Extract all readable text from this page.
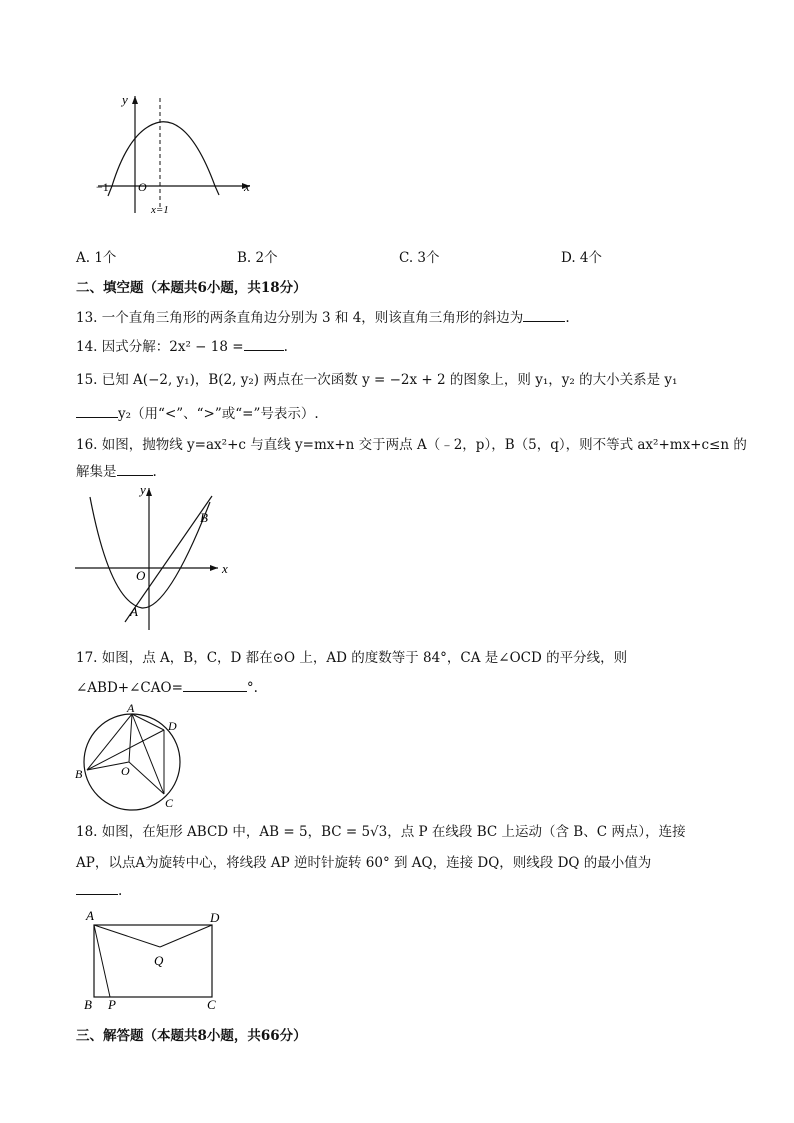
y
x
O
−1
x=1
A. 1个	B. 2个	C. 3个	D. 4个
二、填空题（本题共6小题，共18分）
13. 一个直角三角形的两条直角边分别为 3 和 4，则该直角三角形的斜边为	.
14. 因式分解：2x² − 18 =	.
15. 已知 A(−2, y₁)，B(2, y₂) 两点在一次函数 y = −2x + 2 的图象上，则 y₁，y₂ 的大小关系是 y₁
y₂（用“<”、“>”或“=”号表示）.
16. 如图，抛物线 y=ax²+c 与直线 y=mx+n 交于两点 A（﹣2，p），B（5，q），则不等式 ax²+mx+c≤n 的
解集是	.
y
x
O
A
B
17. 如图，点 A，B，C，D 都在⊙O 上，AD 的度数等于 84°，CA 是∠OCD 的平分线，则
∠ABD+∠CAO=	°.
A
B
C
D
O
18. 如图，在矩形 ABCD 中，AB = 5，BC = 5√3，点 P 在线段 BC 上运动（含 B、C 两点），连接
AP，以点A为旋转中心，将线段 AP 逆时针旋转 60° 到 AQ，连接 DQ，则线段 DQ 的最小值为
.
A
B	C
D
P
Q
三、解答题（本题共8小题，共66分）
